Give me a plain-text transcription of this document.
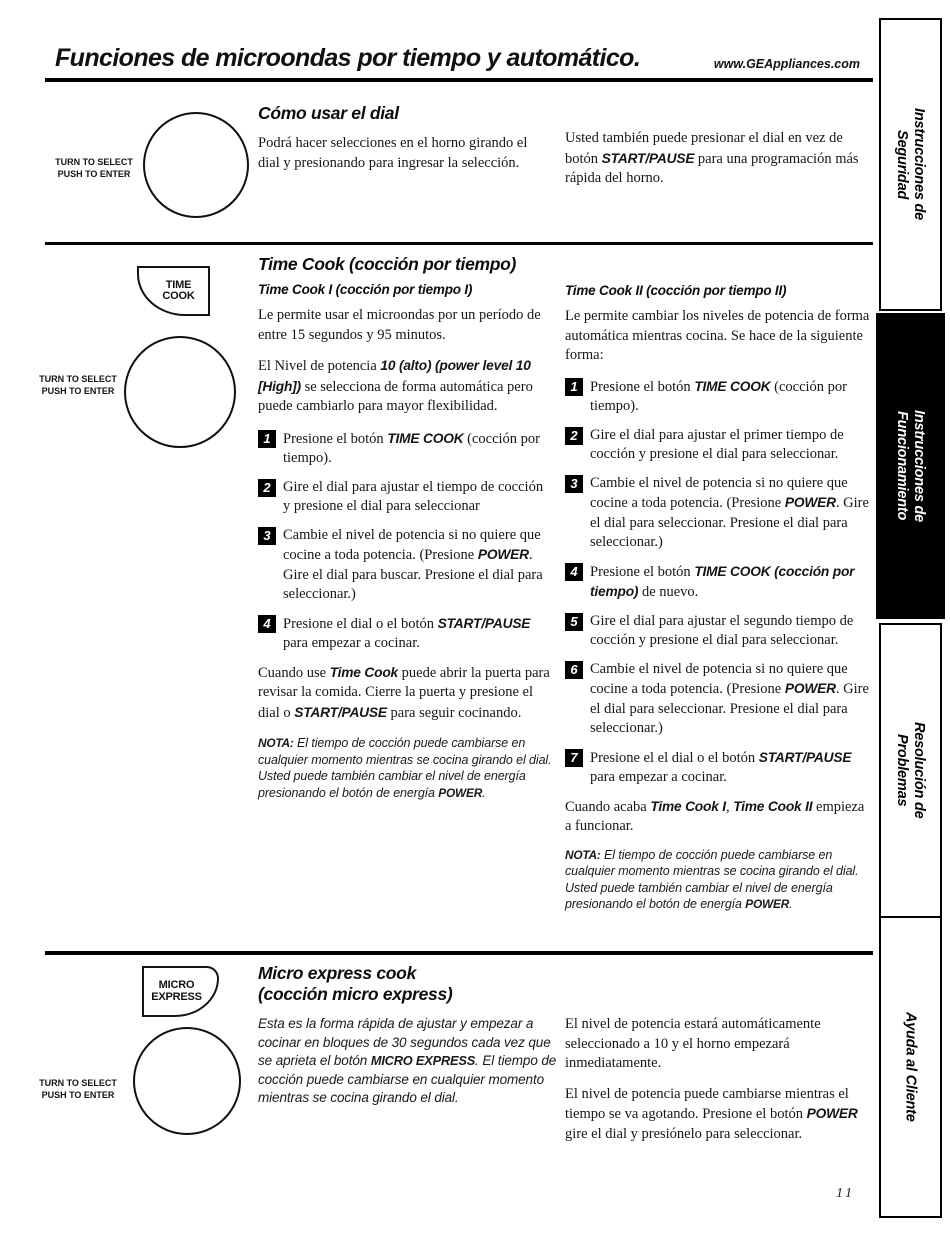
Funciones de microondas por tiempo y automático.	www.GEAppliances.com
TURN TO SELECT
PUSH TO ENTER
Cómo usar el dial

Podrá hacer selecciones en el horno girando el dial y presionando para ingresar la selección.

Usted también puede presionar el dial en vez de botón START/PAUSE para una programación más rápida del horno.

TIME
COOK
TURN TO SELECT
PUSH TO ENTER
Time Cook (cocción por tiempo)
Time Cook I (cocción por tiempo I)

Le permite usar el microondas por un período de entre 15 segundos y 95 minutos.

El Nivel de potencia 10 (alto) (power level 10 [High]) se selecciona de forma automática pero puede cambiarlo para mayor flexibilidad.

1 Presione el botón TIME COOK (cocción por tiempo).

2 Gire el dial para ajustar el tiempo de cocción y presione el dial para seleccionar

3 Cambie el nivel de potencia si no quiere que cocine a toda potencia. (Presione POWER. Gire el dial para buscar. Presione el dial para seleccionar.)

4 Presione el dial o el botón START/PAUSE para empezar a cocinar.

Cuando use Time Cook puede abrir la puerta para revisar la comida. Cierre la puerta y presione el dial o START/PAUSE para seguir cocinando.

NOTA: El tiempo de cocción puede cambiarse en cualquier momento mientras se cocina girando el dial. Usted puede también cambiar el nivel de energía presionando el botón de energía POWER.

Time Cook II (cocción por tiempo II)

Le permite cambiar los niveles de potencia de forma automática mientras cocina. Se hace de la siguiente forma:

1 Presione el botón TIME COOK (cocción por tiempo).

2 Gire el dial para ajustar el primer tiempo de cocción y presione el dial para seleccionar.

3 Cambie el nivel de potencia si no quiere que cocine a toda potencia. (Presione POWER. Gire el dial para seleccionar. Presione el dial para seleccionar.)

4 Presione el botón TIME COOK (cocción por tiempo) de nuevo.

5 Gire el dial para ajustar el segundo tiempo de cocción y presione el dial para seleccionar.

6 Cambie el nivel de potencia si no quiere que cocine a toda potencia. (Presione POWER. Gire el dial para seleccionar. Presione el dial para seleccionar.)

7 Presione el el dial o el botón START/PAUSE para empezar a cocinar.

Cuando acaba Time Cook I, Time Cook II empieza a funcionar.

NOTA: El tiempo de cocción puede cambiarse en cualquier momento mientras se cocina girando el dial. Usted puede también cambiar el nivel de energía presionando el botón de energía POWER.

MICRO
EXPRESS
TURN TO SELECT
PUSH TO ENTER
Micro express cook
(cocción micro express)

Esta es la forma rápida de ajustar y empezar a cocinar en bloques de 30 segundos cada vez que se aprieta el botón MICRO EXPRESS. El tiempo de cocción puede cambiarse en cualquier momento mientras se cocina girando el dial.

El nivel de potencia estará automáticamente seleccionado a 10 y el horno empezará inmediatamente.

El nivel de potencia puede cambiarse mientras el tiempo se va agotando. Presione el botón POWER gire el dial y presiónelo para seleccionar.

Instrucciones de
Seguridad
Instrucciones de
Funcionamiento
Resolución de
Problemas
Ayuda al Cliente
11
